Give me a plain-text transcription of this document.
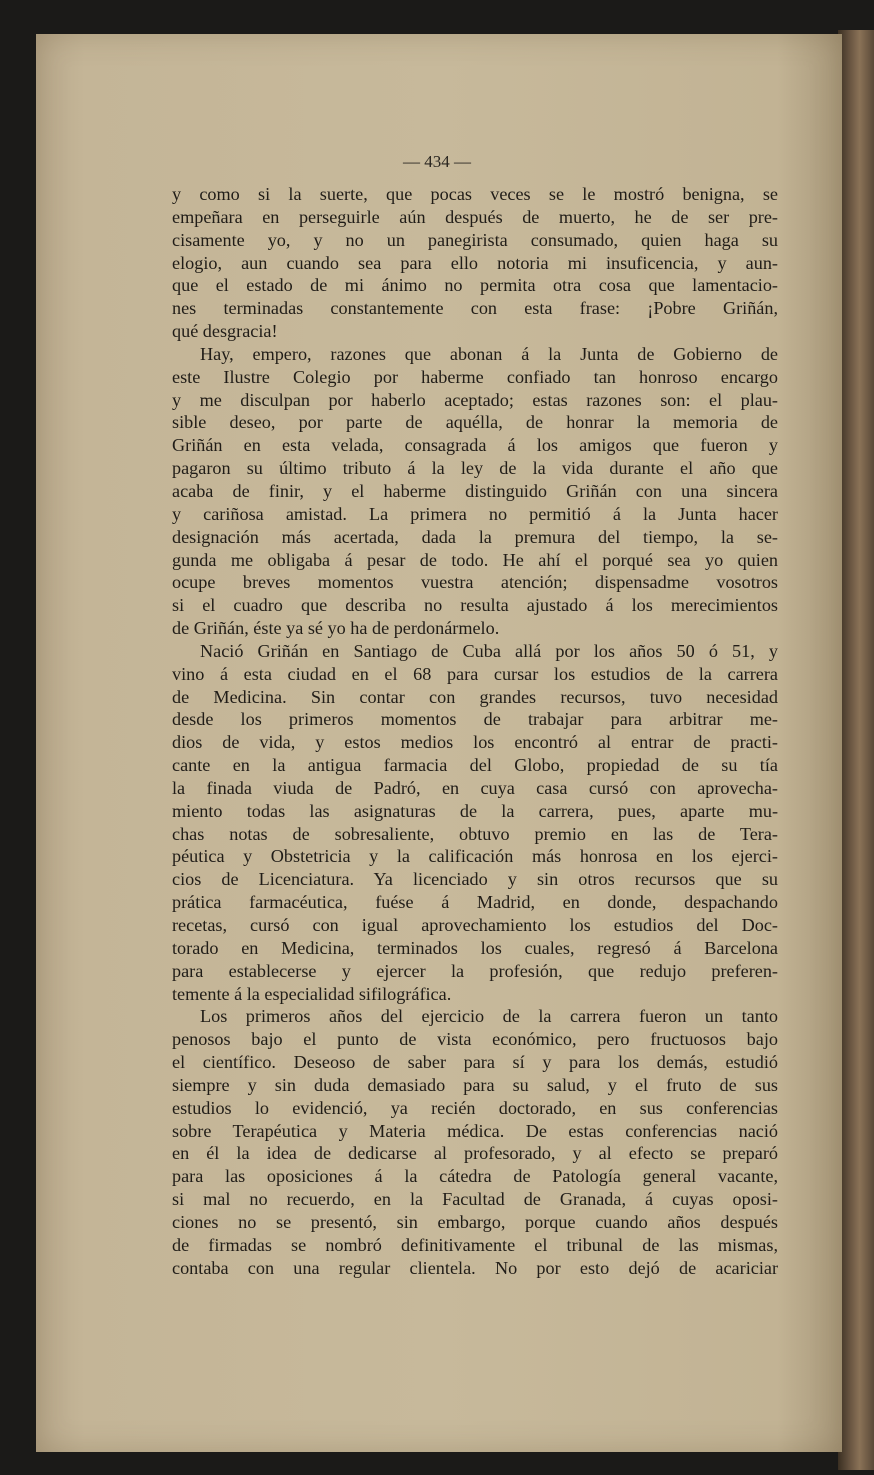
— 434 —
y como si la suerte, que pocas veces se le mostró benigna, se
empeñara en perseguirle aún después de muerto, he de ser pre-
cisamente yo, y no un panegirista consumado, quien haga su
elogio, aun cuando sea para ello notoria mi insuficencia, y aun-
que el estado de mi ánimo no permita otra cosa que lamentacio-
nes terminadas constantemente con esta frase: ¡Pobre Griñán,
qué desgracia!
Hay, empero, razones que abonan á la Junta de Gobierno de
este Ilustre Colegio por haberme confiado tan honroso encargo
y me disculpan por haberlo aceptado; estas razones son: el plau-
sible deseo, por parte de aquélla, de honrar la memoria de
Griñán en esta velada, consagrada á los amigos que fueron y
pagaron su último tributo á la ley de la vida durante el año que
acaba de finir, y el haberme distinguido Griñán con una sincera
y cariñosa amistad. La primera no permitió á la Junta hacer
designación más acertada, dada la premura del tiempo, la se-
gunda me obligaba á pesar de todo. He ahí el porqué sea yo quien
ocupe breves momentos vuestra atención; dispensadme vosotros
si el cuadro que describa no resulta ajustado á los merecimientos
de Griñán, éste ya sé yo ha de perdonármelo.
Nació Griñán en Santiago de Cuba allá por los años 50 ó 51, y
vino á esta ciudad en el 68 para cursar los estudios de la carrera
de Medicina. Sin contar con grandes recursos, tuvo necesidad
desde los primeros momentos de trabajar para arbitrar me-
dios de vida, y estos medios los encontró al entrar de practi-
cante en la antigua farmacia del Globo, propiedad de su tía
la finada viuda de Padró, en cuya casa cursó con aprovecha-
miento todas las asignaturas de la carrera, pues, aparte mu-
chas notas de sobresaliente, obtuvo premio en las de Tera-
péutica y Obstetricia y la calificación más honrosa en los ejerci-
cios de Licenciatura. Ya licenciado y sin otros recursos que su
prática farmacéutica, fuése á Madrid, en donde, despachando
recetas, cursó con igual aprovechamiento los estudios del Doc-
torado en Medicina, terminados los cuales, regresó á Barcelona
para establecerse y ejercer la profesión, que redujo preferen-
temente á la especialidad sifilográfica.
Los primeros años del ejercicio de la carrera fueron un tanto
penosos bajo el punto de vista económico, pero fructuosos bajo
el científico. Deseoso de saber para sí y para los demás, estudió
siempre y sin duda demasiado para su salud, y el fruto de sus
estudios lo evidenció, ya recién doctorado, en sus conferencias
sobre Terapéutica y Materia médica. De estas conferencias nació
en él la idea de dedicarse al profesorado, y al efecto se preparó
para las oposiciones á la cátedra de Patología general vacante,
si mal no recuerdo, en la Facultad de Granada, á cuyas oposi-
ciones no se presentó, sin embargo, porque cuando años después
de firmadas se nombró definitivamente el tribunal de las mismas,
contaba con una regular clientela. No por esto dejó de acariciar
